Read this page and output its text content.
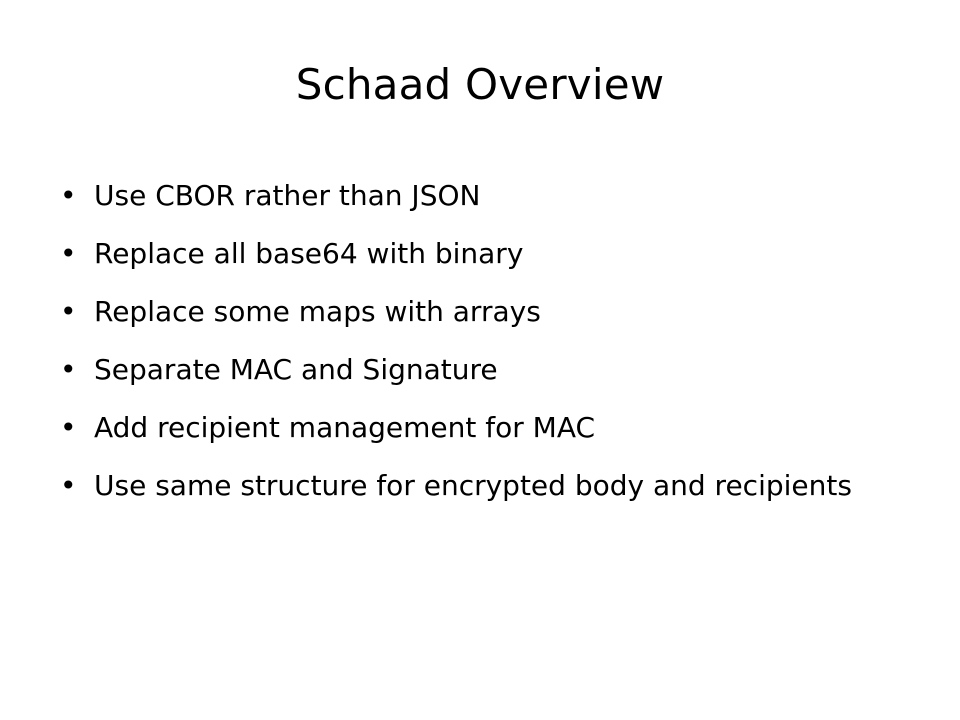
Schaad Overview
• Use CBOR rather than JSON
• Replace all base64 with binary
• Replace some maps with arrays
• Separate MAC and Signature
• Add recipient management for MAC
• Use same structure for encrypted body and recipients
